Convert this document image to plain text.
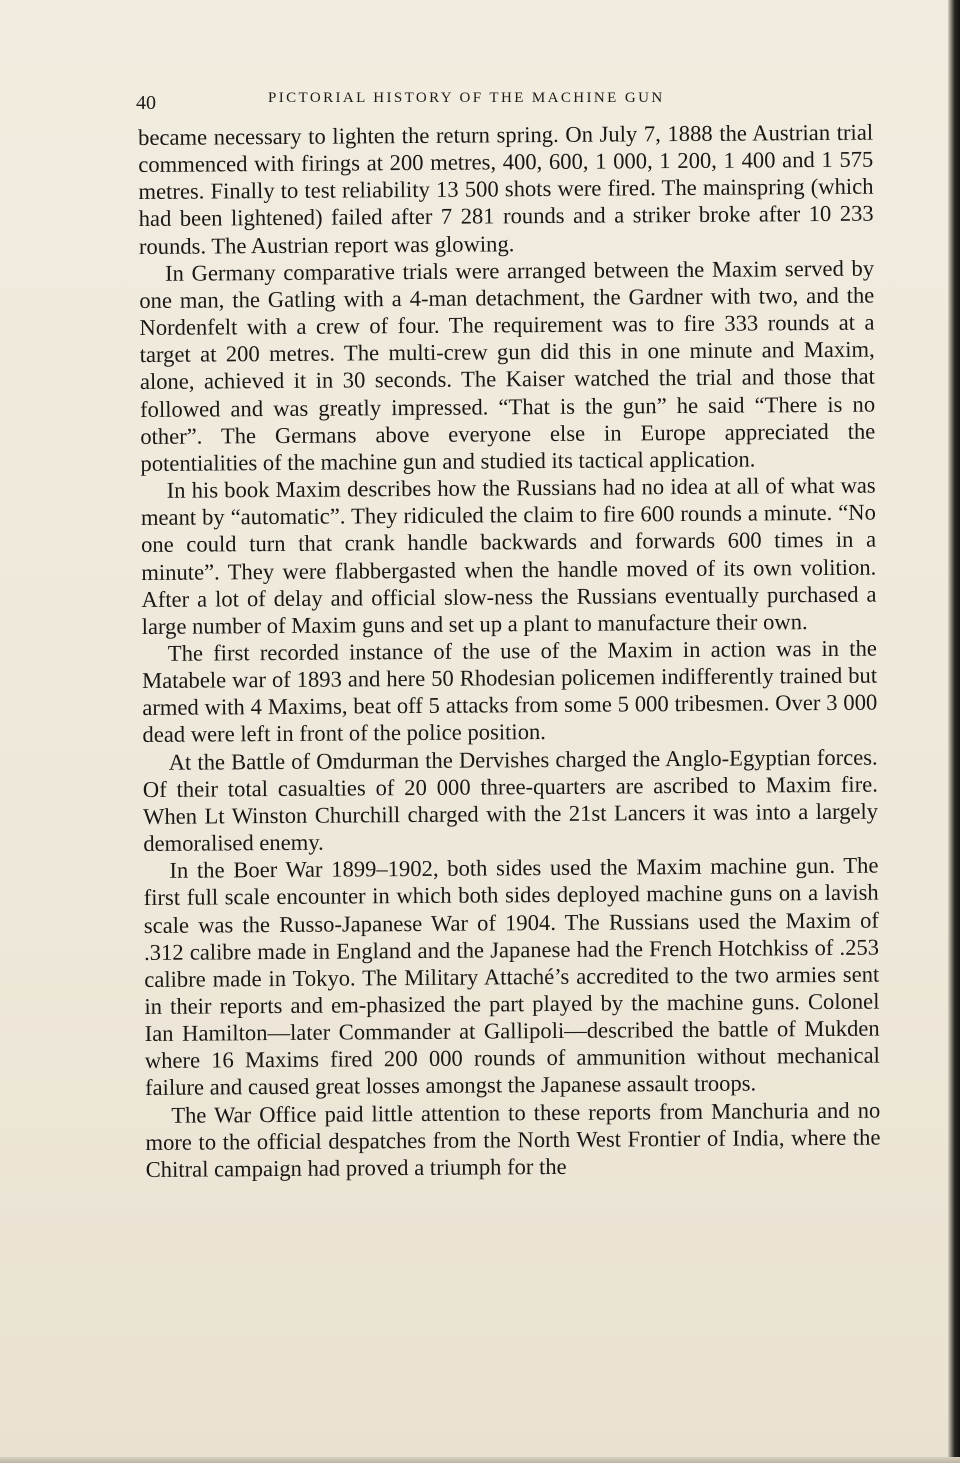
40	PICTORIAL HISTORY OF THE MACHINE GUN

became necessary to lighten the return spring. On July 7, 1888 the Austrian trial commenced with firings at 200 metres, 400, 600, 1 000, 1 200, 1 400 and 1 575 metres. Finally to test reliability 13 500 shots were fired. The mainspring (which had been lightened) failed after 7 281 rounds and a striker broke after 10 233 rounds. The Austrian report was glowing.

In Germany comparative trials were arranged between the Maxim served by one man, the Gatling with a 4-man detachment, the Gardner with two, and the Nordenfelt with a crew of four. The requirement was to fire 333 rounds at a target at 200 metres. The multi-crew gun did this in one minute and Maxim, alone, achieved it in 30 seconds. The Kaiser watched the trial and those that followed and was greatly impressed. “That is the gun” he said “There is no other”. The Germans above everyone else in Europe appreciated the potentialities of the machine gun and studied its tactical application.

In his book Maxim describes how the Russians had no idea at all of what was meant by “automatic”. They ridiculed the claim to fire 600 rounds a minute. “No one could turn that crank handle backwards and forwards 600 times in a minute”. They were flabbergasted when the handle moved of its own volition. After a lot of delay and official slow-ness the Russians eventually purchased a large number of Maxim guns and set up a plant to manufacture their own.

The first recorded instance of the use of the Maxim in action was in the Matabele war of 1893 and here 50 Rhodesian policemen indifferently trained but armed with 4 Maxims, beat off 5 attacks from some 5 000 tribesmen. Over 3 000 dead were left in front of the police position.

At the Battle of Omdurman the Dervishes charged the Anglo-Egyptian forces. Of their total casualties of 20 000 three-quarters are ascribed to Maxim fire. When Lt Winston Churchill charged with the 21st Lancers it was into a largely demoralised enemy.

In the Boer War 1899–1902, both sides used the Maxim machine gun. The first full scale encounter in which both sides deployed machine guns on a lavish scale was the Russo-Japanese War of 1904. The Russians used the Maxim of .312 calibre made in England and the Japanese had the French Hotchkiss of .253 calibre made in Tokyo. The Military Attaché’s accredited to the two armies sent in their reports and em-phasized the part played by the machine guns. Colonel Ian Hamilton—later Commander at Gallipoli—described the battle of Mukden where 16 Maxims fired 200 000 rounds of ammunition without mechanical failure and caused great losses amongst the Japanese assault troops.

The War Office paid little attention to these reports from Manchuria and no more to the official despatches from the North West Frontier of India, where the Chitral campaign had proved a triumph for the
